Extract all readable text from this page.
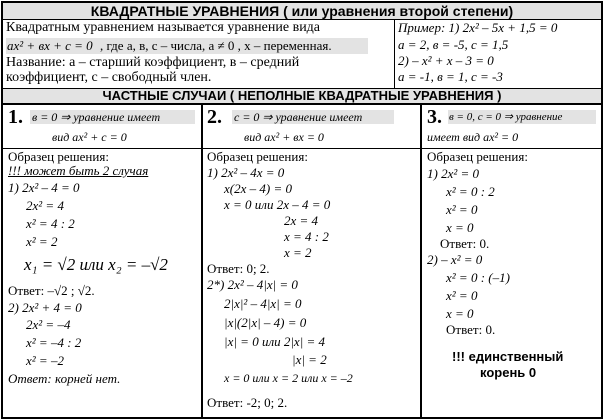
КВАДРАТНЫЕ УРАВНЕНИЯ ( или уравнения второй степени)
Квадратным уравнением называется уравнение вида
ax² + вx + c = 0 , где а, в, с – числа, а ≠ 0 , х – переменная.
Название: а – старший коэффициент, в – средний
коэффициент, с – свободный член.
Пример: 1) 2x² – 5x + 1,5 = 0
а = 2, в = -5, с = 1,5
2) – x² + x – 3 = 0
а = -1, в = 1, с = -3
ЧАСТНЫЕ СЛУЧАИ ( НЕПОЛНЫЕ КВАДРАТНЫЕ УРАВНЕНИЯ )
1. в = 0 ⇒ уравнение имеет
вид ax² + c = 0
Образец решения:
!!! может быть 2 случая
1) 2x² – 4 = 0
2x² = 4
x² = 4 : 2
x² = 2
x₁ = √2 или x₂ = –√2
Ответ: –√2 ; √2.
2) 2x² + 4 = 0
2x² = –4
x² = –4 : 2
x² = –2
Ответ: корней нет.
2. с = 0 ⇒ уравнение имеет
вид ax² + вx = 0
Образец решения:
1) 2x² – 4x = 0
x(2x – 4) = 0
x = 0 или 2x – 4 = 0
2x = 4
x = 4 : 2
x = 2
Ответ: 0; 2.
2*) 2x² – 4|x| = 0
2|x|² – 4|x| = 0
|x|(2|x| – 4) = 0
|x| = 0 или 2|x| = 4
|x| = 2
x = 0 или x = 2 или x = –2
Ответ: -2; 0; 2.
3. в = 0, с = 0 ⇒ уравнение
имеет вид ax² = 0
Образец решения:
1) 2x² = 0
x² = 0 : 2
x² = 0
x = 0
Ответ: 0.
2) – x² = 0
x² = 0 : (–1)
x² = 0
x = 0
Ответ: 0.
!!! единственный
корень 0
